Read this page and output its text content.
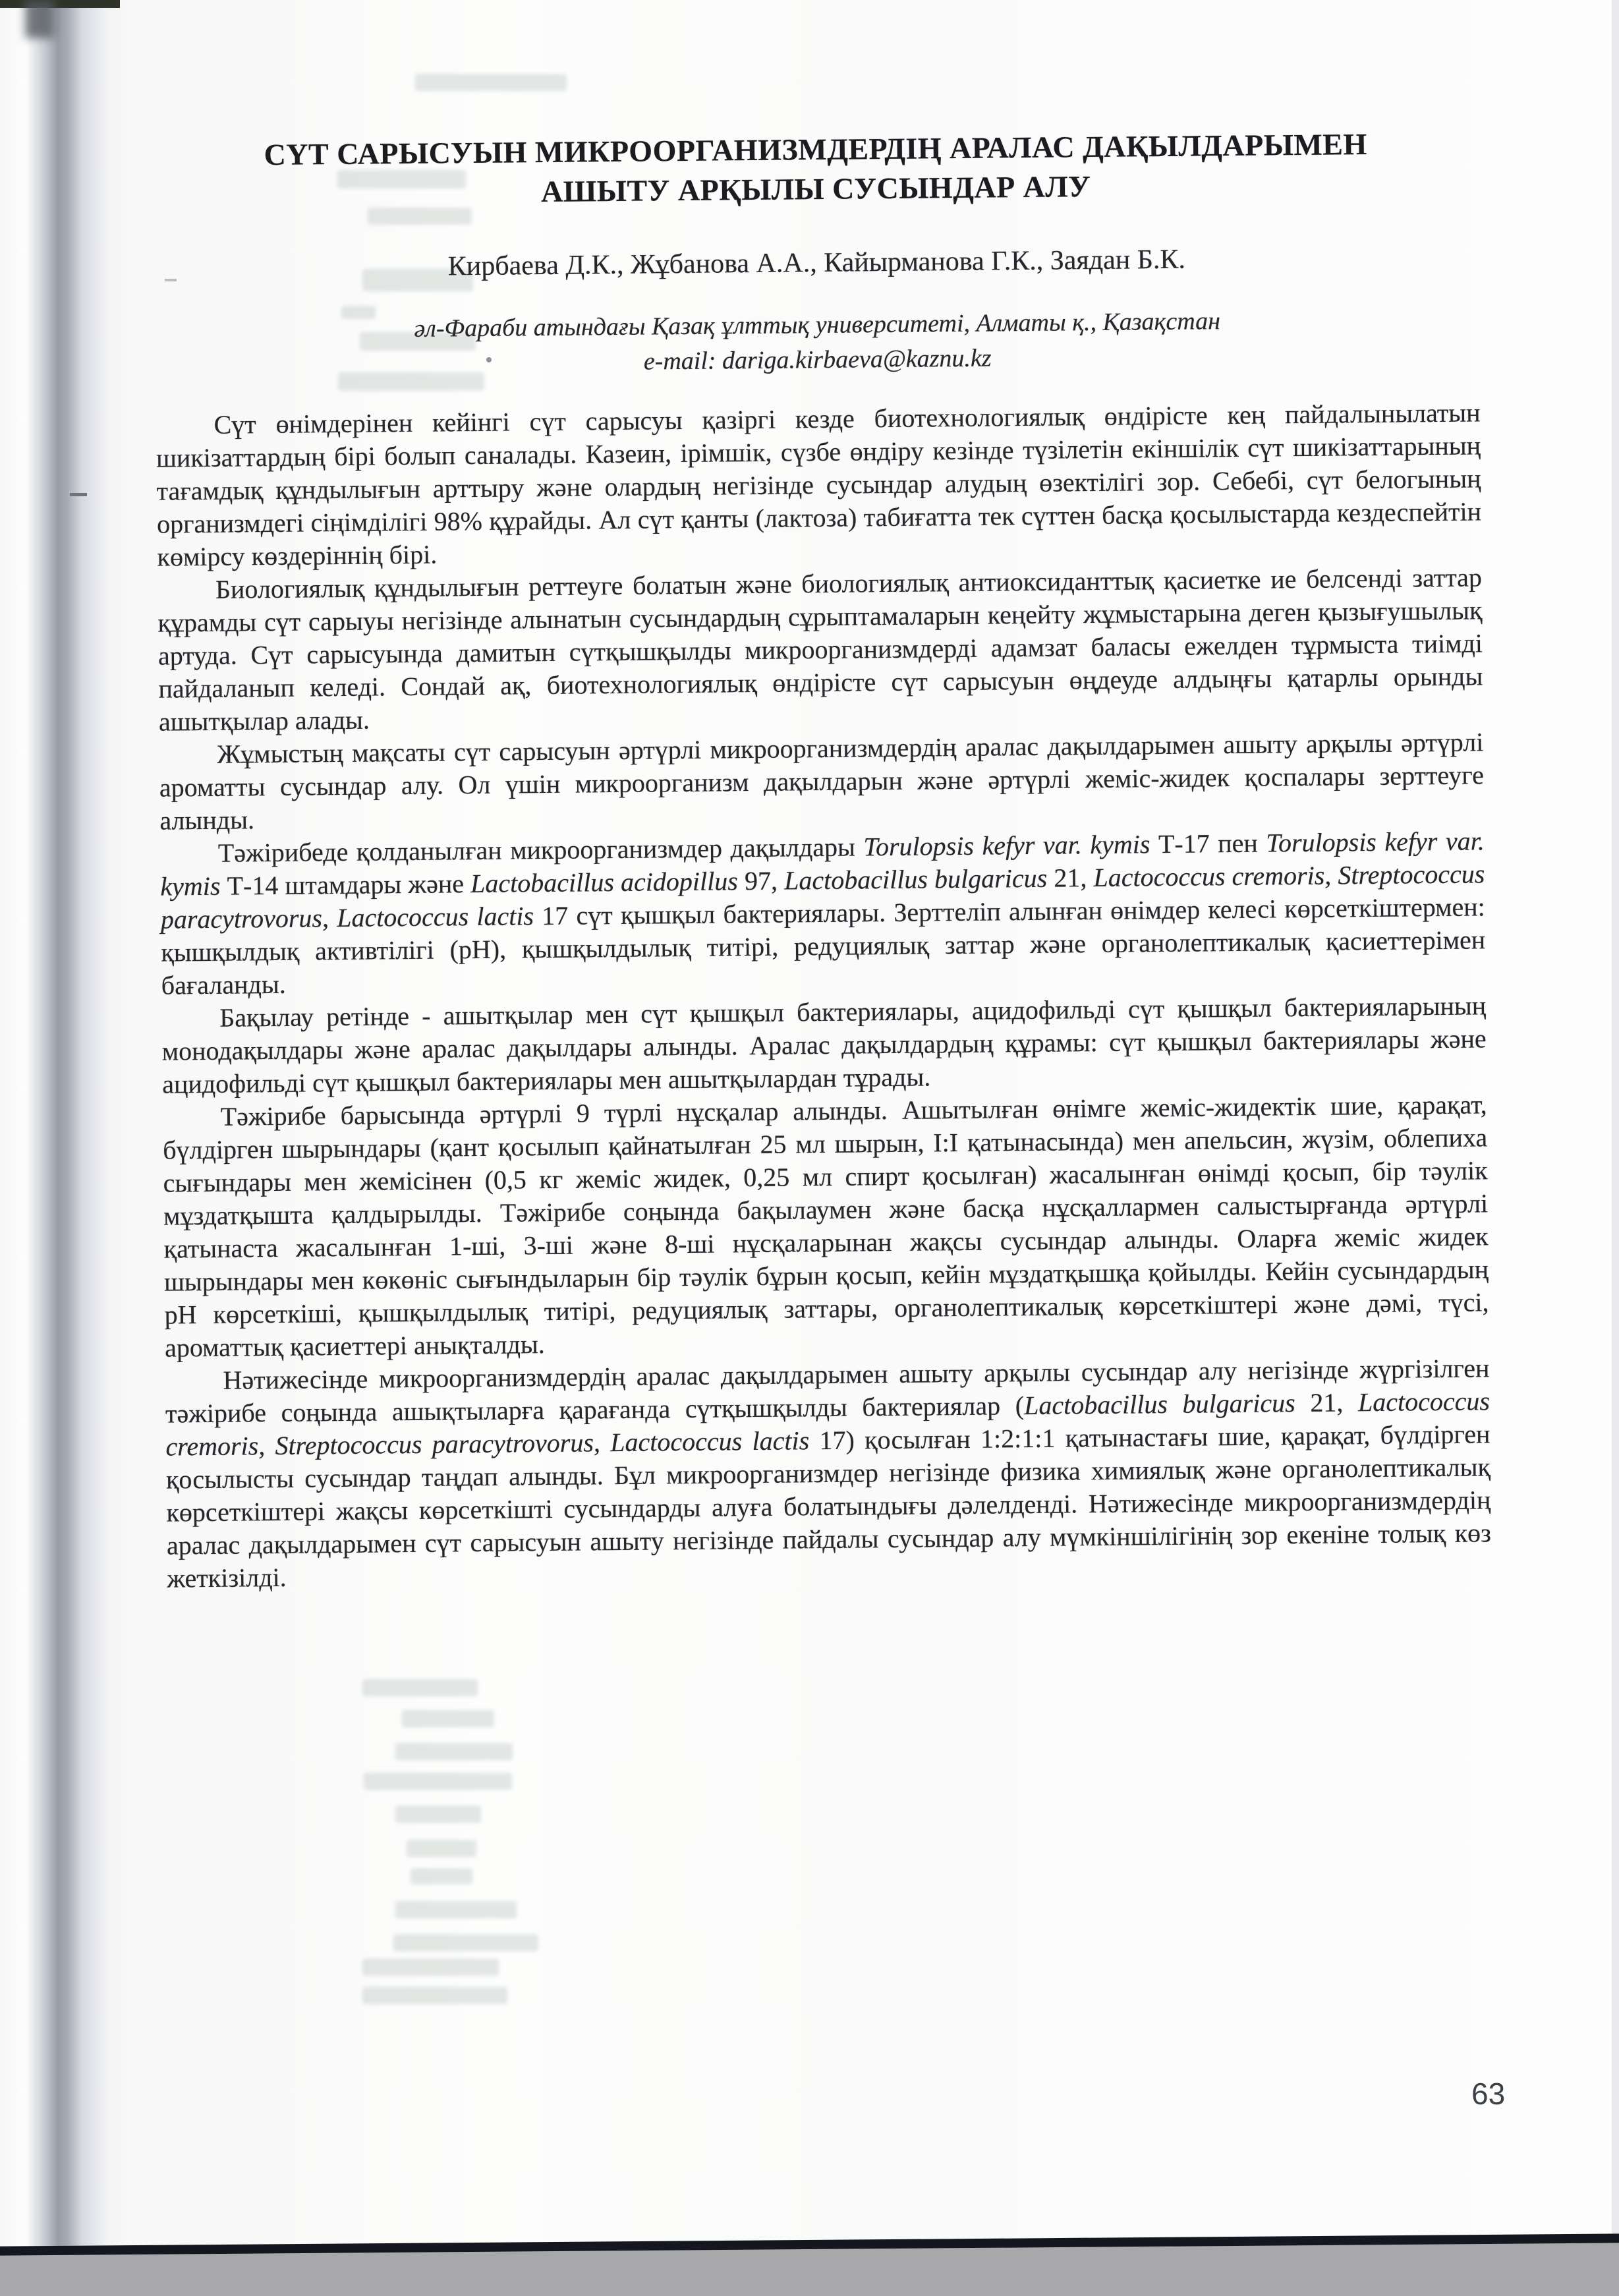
СҮТ САРЫСУЫН МИКРООРГАНИЗМДЕРДІҢ АРАЛАС ДАҚЫЛДАРЫМЕН
АШЫТУ АРҚЫЛЫ СУСЫНДАР АЛУ
Кирбаева Д.К., Жұбанова А.А., Кайырманова Г.К., Заядан Б.К.
әл-Фараби атындағы Қазақ ұлттық университеті, Алматы қ., Қазақстан
e-mail: dariga.kirbaeva@kaznu.kz

Сүт өнімдерінен кейінгі сүт сарысуы қазіргі кезде биотехнологиялық өндірісте кең пайдалынылатын шикізаттардың бірі болып саналады. Казеин, ірімшік, сүзбе өндіру кезінде түзілетін екіншілік сүт шикізаттарының тағамдық құндылығын арттыру және олардың негізінде сусындар алудың өзектілігі зор. Себебі, сүт белогының организмдегі сіңімділігі 98% құрайды. Ал сүт қанты (лактоза) табиғатта тек сүттен басқа қосылыстарда кездеспейтін көмірсу көздеріннің бірі.

Биологиялық құндылығын реттеуге болатын және биологиялық антиоксиданттық қасиетке ие белсенді заттар құрамды сүт сарыуы негізінде алынатын сусындардың сұрыптамаларын кеңейту жұмыстарына деген қызығушылық артуда. Сүт сарысуында дамитын сүтқышқылды микроорганизмдерді адамзат баласы ежелден тұрмыста тиімді пайдаланып келеді. Сондай ақ, биотехнологиялық өндірісте сүт сарысуын өңдеуде алдыңғы қатарлы орынды ашытқылар алады.

Жұмыстың мақсаты сүт сарысуын әртүрлі микроорганизмдердің аралас дақылдарымен ашыту арқылы әртүрлі ароматты сусындар алу. Ол үшін микроорганизм дақылдарын және әртүрлі жеміс-жидек қоспалары зерттеуге алынды.

Тәжірибеде қолданылған микроорганизмдер дақылдары Torulopsis kefyr var. kymis Т-17 пен Torulopsis kefyr var. kymis Т-14 штамдары және Lactobacillus acidopillus 97, Lactobacillus bulgaricus 21, Lactococcus cremoris, Streptococcus paracytrovorus, Lactococcus lactis 17 сүт қышқыл бактериялары. Зерттеліп алынған өнімдер келесі көрсеткіштермен: қышқылдық активтілігі (рН), қышқылдылық титірі, редуциялық заттар және органолептикалық қасиеттерімен бағаланды.

Бақылау ретінде - ашытқылар мен сүт қышқыл бактериялары, ацидофильді сүт қышқыл бактерияларының монодақылдары және аралас дақылдары алынды. Аралас дақылдардың құрамы: сүт қышқыл бактериялары және ацидофильді сүт қышқыл бактериялары мен ашытқылардан тұрады.

Тәжірибе барысында әртүрлі 9 түрлі нұсқалар алынды. Ашытылған өнімге жеміс-жидектік шие, қарақат, бүлдірген шырындары (қант қосылып қайнатылған 25 мл шырын, I:I қатынасында) мен апельсин, жүзім, облепиха сығындары мен жемісінен (0,5 кг жеміс жидек, 0,25 мл спирт қосылған) жасалынған өнімді қосып, бір тәулік мұздатқышта қалдырылды. Тәжірибе соңында бақылаумен және басқа нұсқаллармен салыстырғанда әртүрлі қатынаста жасалынған 1-ші, 3-ші және 8-ші нұсқаларынан жақсы сусындар алынды. Оларға жеміс жидек шырындары мен көкөніс сығындыларын бір тәулік бұрын қосып, кейін мұздатқышқа қойылды. Кейін сусындардың рН көрсеткіші, қышқылдылық титірі, редуциялық заттары, органолептикалық көрсеткіштері және дәмі, түсі, ароматтық қасиеттері анықталды.

Нәтижесінде микроорганизмдердің аралас дақылдарымен ашыту арқылы сусындар алу негізінде жүргізілген тәжірибе соңында ашықтыларға қарағанда сүтқышқылды бактериялар (Lactobacillus bulgaricus 21, Lactococcus cremoris, Streptococcus paracytrovorus, Lactococcus lactis 17) қосылған 1:2:1:1 қатынастағы шие, қарақат, бүлдірген қосылысты сусындар таңдап алынды. Бұл микроорганизмдер негізінде физика химиялық және органолептикалық көрсеткіштері жақсы көрсеткішті сусындарды алуға болатындығы дәлелденді. Нәтижесінде микроорганизмдердің аралас дақылдарымен сүт сарысуын ашыту негізінде пайдалы сусындар алу мүмкіншілігінің зор екеніне толық көз жеткізілді.

63
